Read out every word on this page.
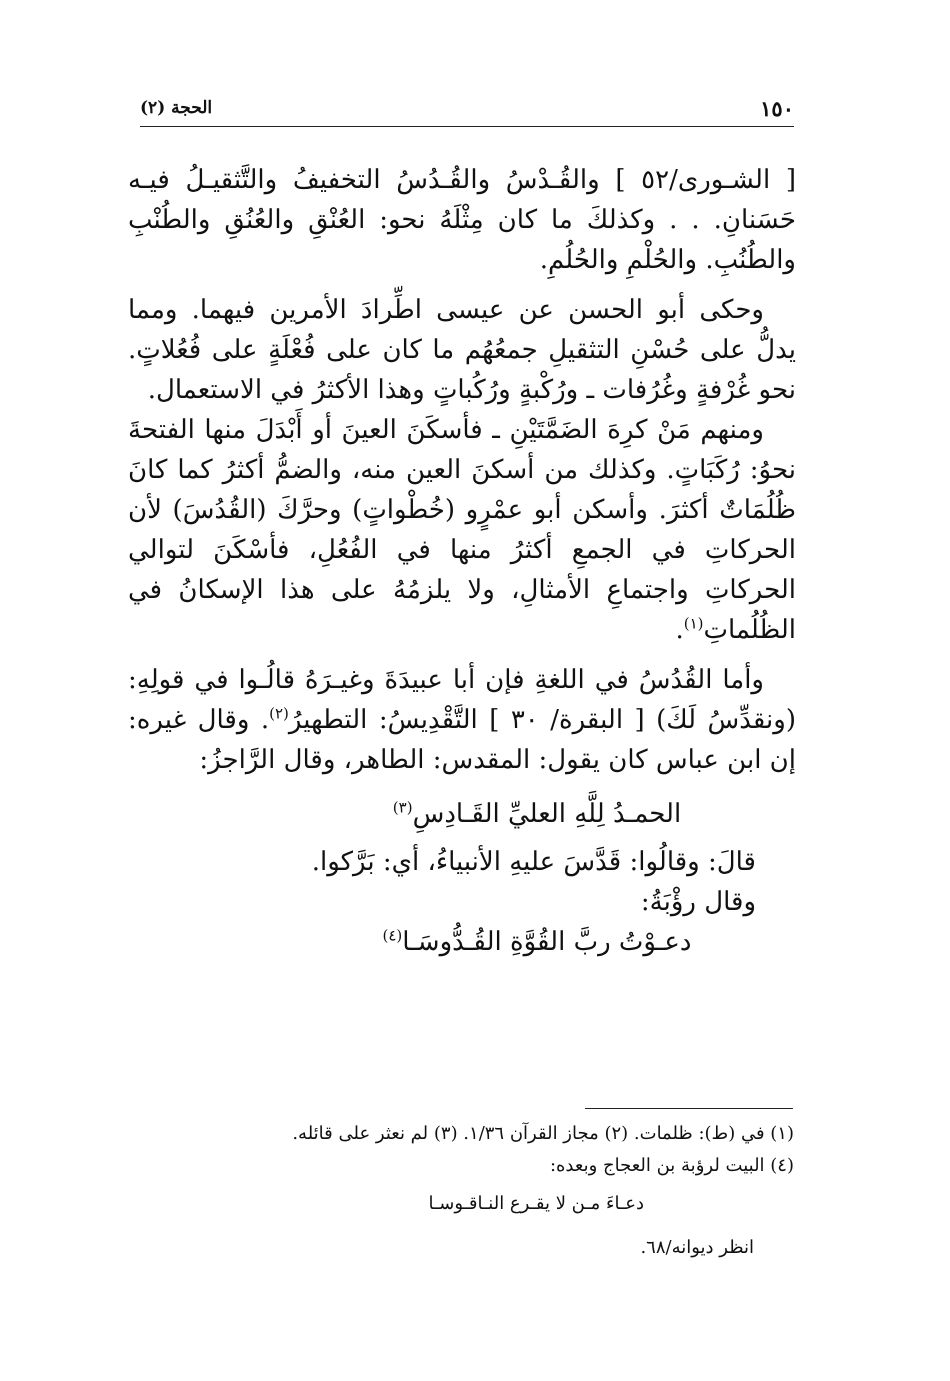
١٥٠
الحجة (٢)

[ الشـورى/٥٢ ] والقُـدْسُ والقُـدُسُ التخفيفُ والتَّثقيـلُ فيـه حَسَنانِ. . . وكذلكَ ما كان مِثْلَهُ نحو: العُنْقِ والعُنُقِ والطُنْبِ والطُنُبِ. والحُلْمِ والحُلُمِ.

وحكى أبو الحسن عن عيسى اطِّرادَ الأمرين فيهما. ومما يدلُّ على حُسْنِ التثقيلِ جمعُهُم ما كان على فُعْلَةٍ على فُعُلاتٍ. نحو غُرْفةٍ وغُرُفات ـ ورُكْبةٍ ورُكُباتٍ وهذا الأكثرُ في الاستعمال.

ومنهم مَنْ كرِهَ الضَمَّتَيْنِ ـ فأسكَنَ العينَ أو أَبْدَلَ منها الفتحةَ نحوُ: رُكَبَاتٍ. وكذلك من أسكنَ العين منه، والضمُّ أكثرُ كما كانَ ظُلُمَاتٌ أكثرَ. وأسكن أبو عمْرٍو (خُطْواتٍ) وحرَّكَ (القُدُسَ) لأن الحركاتِ في الجمعِ أكثرُ منها في الفُعُلِ، فأسْكَنَ لتوالي الحركاتِ واجتماعِ الأمثالِ، ولا يلزمُهُ على هذا الإسكانُ في الظُلُماتِ$^{(١)}$.

وأما القُدُسُ في اللغةِ فإن أبا عبيدَةَ وغيـرَهُ قالُـوا في قولِهِ: (ونقدِّسُ لَكَ) [ البقرة/ ٣٠ ] التَّقْدِيسُ: التطهيرُ$^{(٢)}$. وقال غيره: إن ابن عباس كان يقول: المقدس: الطاهر، وقال الرَّاجزُ:

الحمـدُ لِلَّهِ العليِّ القَـادِسِ$^{(٣)}$

قالَ: وقالُوا: قَدَّسَ عليهِ الأنبياءُ، أي: بَرَّكوا.

وقال رؤْبَةُ:

دعـوْتُ ربَّ القُوَّةِ القُـدُّوسَـا$^{(٤)}$

(١) في (ط): ظلمات. (٢) مجاز القرآن ١/٣٦. (٣) لم نعثر على قائله.

(٤) البيت لرؤبة بن العجاج وبعده:

دعـاءَ مـن لا يقـرع النـاقـوسـا

انظر ديوانه/٦٨.
